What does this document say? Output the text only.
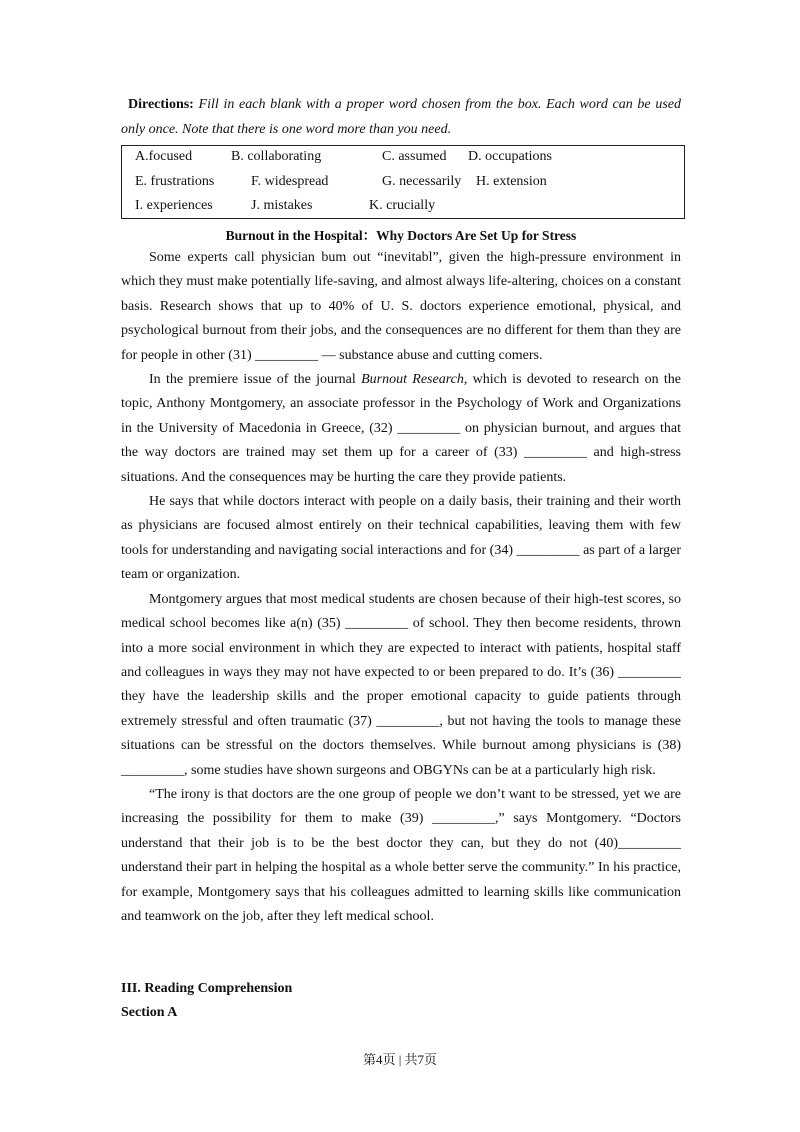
Directions: Fill in each blank with a proper word chosen from the box. Each word can be used only once. Note that there is one word more than you need.
A.focused	B. collaborating	C. assumed D. occupations
E. frustrations	F. widespread	G. necessarily H. extension
I. experiences	J. mistakes	K. crucially
Burnout in the Hospital：Why Doctors Are Set Up for Stress

Some experts call physician bum out “inevitabl”, given the high-pressure environment in which they must make potentially life-saving, and almost always life-altering, choices on a constant basis. Research shows that up to 40% of U. S. doctors experience emotional, physical, and psychological burnout from their jobs, and the consequences are no different for them than they are for people in other (31) _________ — substance abuse and cutting comers.

In the premiere issue of the journal Burnout Research, which is devoted to research on the topic, Anthony Montgomery, an associate professor in the Psychology of Work and Organizations in the University of Macedonia in Greece, (32) _________ on physician burnout, and argues that the way doctors are trained may set them up for a career of (33) _________ and high-stress situations. And the consequences may be hurting the care they provide patients.

He says that while doctors interact with people on a daily basis, their training and their worth as physicians are focused almost entirely on their technical capabilities, leaving them with few tools for understanding and navigating social interactions and for (34) _________ as part of a larger team or organization.

Montgomery argues that most medical students are chosen because of their high-test scores, so medical school becomes like a(n) (35) _________ of school. They then become residents, thrown into a more social environment in which they are expected to interact with patients, hospital staff and colleagues in ways they may not have expected to or been prepared to do. It’s (36) _________ they have the leadership skills and the proper emotional capacity to guide patients through extremely stressful and often traumatic (37) _________, but not having the tools to manage these situations can be stressful on the doctors themselves. While burnout among physicians is (38) _________, some studies have shown surgeons and OBGYNs can be at a particularly high risk.

“The irony is that doctors are the one group of people we don’t want to be stressed, yet we are increasing the possibility for them to make (39) _________,” says Montgomery. “Doctors understand that their job is to be the best doctor they can, but they do not (40)_________ understand their part in helping the hospital as a whole better serve the community.” In his practice, for example, Montgomery says that his colleagues admitted to learning skills like communication and teamwork on the job, after they left medical school.

III. Reading Comprehension
Section A
第4页 | 共7页
